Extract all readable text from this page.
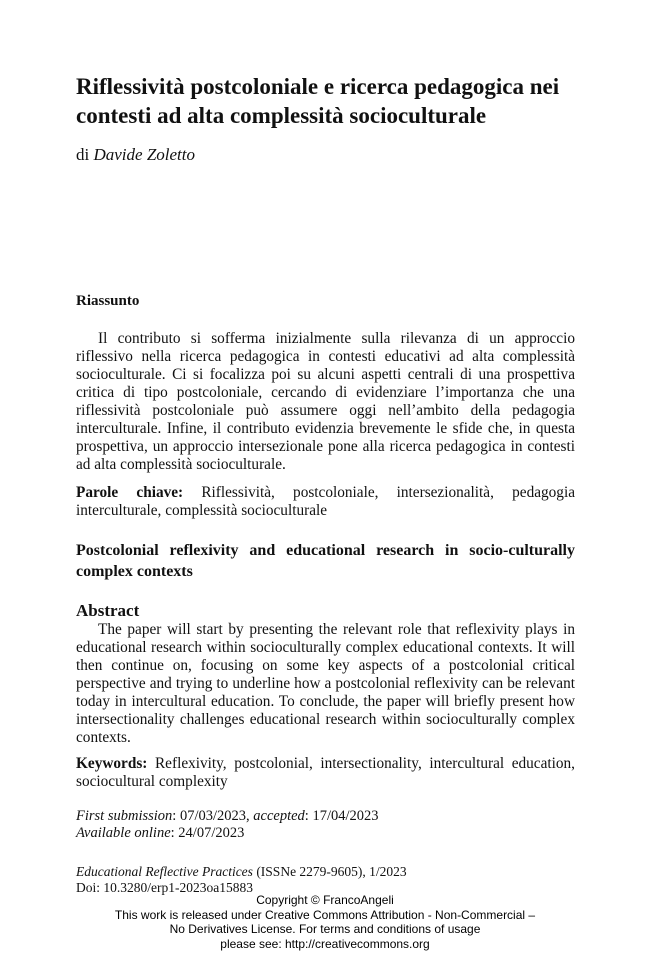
Riflessività postcoloniale e ricerca pedagogica nei contesti ad alta complessità socioculturale

di Davide Zoletto

Riassunto

Il contributo si sofferma inizialmente sulla rilevanza di un approccio riflessivo nella ricerca pedagogica in contesti educativi ad alta complessità socioculturale. Ci si focalizza poi su alcuni aspetti centrali di una prospettiva critica di tipo postcoloniale, cercando di evidenziare l’importanza che una riflessività postcoloniale può assumere oggi nell’ambito della pedagogia interculturale. Infine, il contributo evidenzia brevemente le sfide che, in questa prospettiva, un approccio intersezionale pone alla ricerca pedagogica in contesti ad alta complessità socioculturale.

Parole chiave: Riflessività, postcoloniale, intersezionalità, pedagogia interculturale, complessità socioculturale

Postcolonial reflexivity and educational research in socio-culturally complex contexts
Abstract

The paper will start by presenting the relevant role that reflexivity plays in educational research within socioculturally complex educational contexts. It will then continue on, focusing on some key aspects of a postcolonial critical perspective and trying to underline how a postcolonial reflexivity can be relevant today in intercultural education. To conclude, the paper will briefly present how intersectionality challenges educational research within socioculturally complex contexts.

Keywords: Reflexivity, postcolonial, intersectionality, intercultural education, sociocultural complexity

First submission: 07/03/2023, accepted: 17/04/2023
Available online: 24/07/2023

Educational Reflective Practices (ISSNe 2279-9605), 1/2023
Doi: 10.3280/erp1-2023oa15883

Copyright © FrancoAngeli
This work is released under Creative Commons Attribution - Non-Commercial –
No Derivatives License. For terms and conditions of usage
please see: http://creativecommons.org
